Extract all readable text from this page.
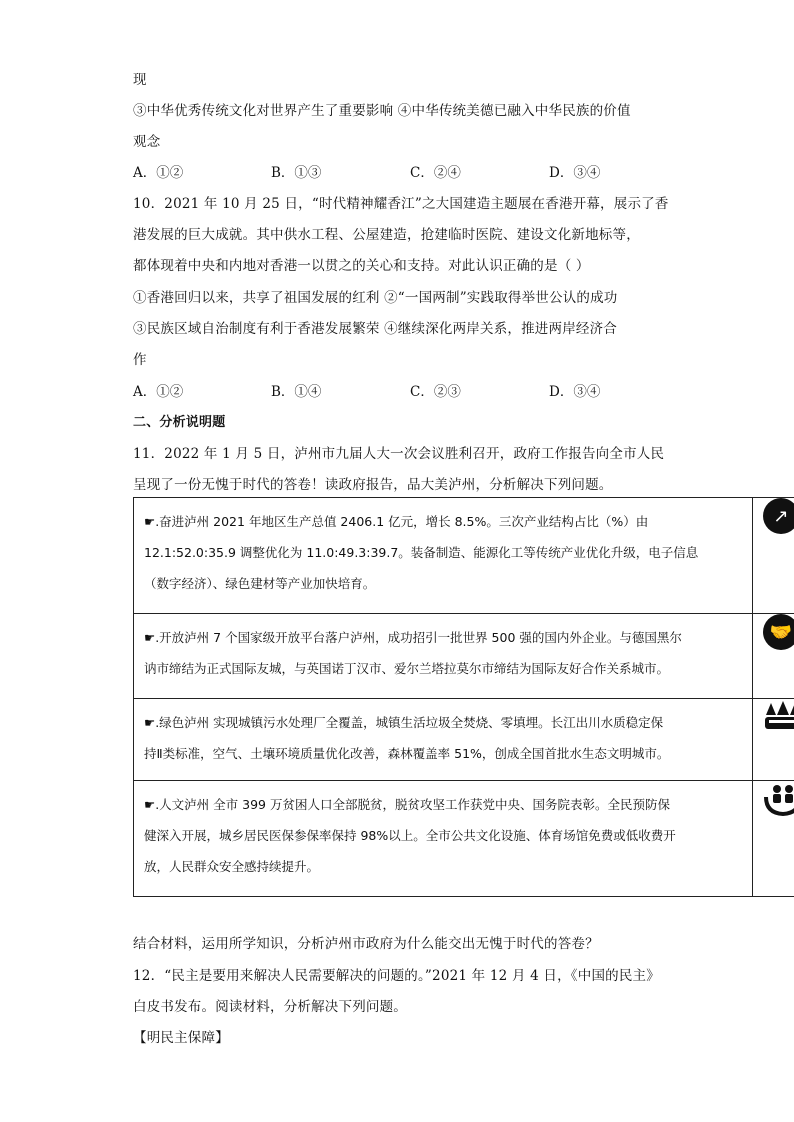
现
③中华优秀传统文化对世界产生了重要影响 ④中华传统美德已融入中华民族的价值
观念
A．①②	B．①③	C．②④	D．③④
10．2021 年 10 月 25 日，“时代精神耀香江”之大国建造主题展在香港开幕，展示了香
港发展的巨大成就。其中供水工程、公屋建造，抢建临时医院、建设文化新地标等，
都体现着中央和内地对香港一以贯之的关心和支持。对此认识正确的是（ ）
①香港回归以来，共享了祖国发展的红利 ②“一国两制”实践取得举世公认的成功
③民族区域自治制度有利于香港发展繁荣 ④继续深化两岸关系，推进两岸经济合
作
A．①②	B．①④	C．②③	D．③④
二、分析说明题
11．2022 年 1 月 5 日，泸州市九届人大一次会议胜利召开，政府工作报告向全市人民
呈现了一份无愧于时代的答卷！读政府报告，品大美泸州，分析解决下列问题。
☛.奋进泸州 2021 年地区生产总值 2406.1 亿元，增长 8.5%。三次产业结构占比（%）由
12.1:52.0:35.9 调整优化为 11.0:49.3:39.7。装备制造、能源化工等传统产业优化升级，电子信息
（数字经济）、绿色建材等产业加快培育。	↗

☛.开放泸州 7 个国家级开放平台落户泸州，成功招引一批世界 500 强的国内外企业。与德国黑尔
讷市缔结为正式国际友城，与英国诺丁汉市、爱尔兰塔拉莫尔市缔结为国际友好合作关系城市。	🤝

☛.绿色泸州 实现城镇污水处理厂全覆盖，城镇生活垃圾全焚烧、零填埋。长江出川水质稳定保
持Ⅱ类标准，空气、土壤环境质量优化改善，森林覆盖率 51%，创成全国首批水生态文明城市。

☛.人文泸州 全市 399 万贫困人口全部脱贫，脱贫攻坚工作获党中央、国务院表彰。全民预防保
健深入开展，城乡居民医保参保率保持 98%以上。全市公共文化设施、体育场馆免费或低收费开
放，人民群众安全感持续提升。

结合材料，运用所学知识，分析泸州市政府为什么能交出无愧于时代的答卷？
12．“民主是要用来解决人民需要解决的问题的。”2021 年 12 月 4 日，《中国的民主》
白皮书发布。阅读材料，分析解决下列问题。
【明民主保障】
